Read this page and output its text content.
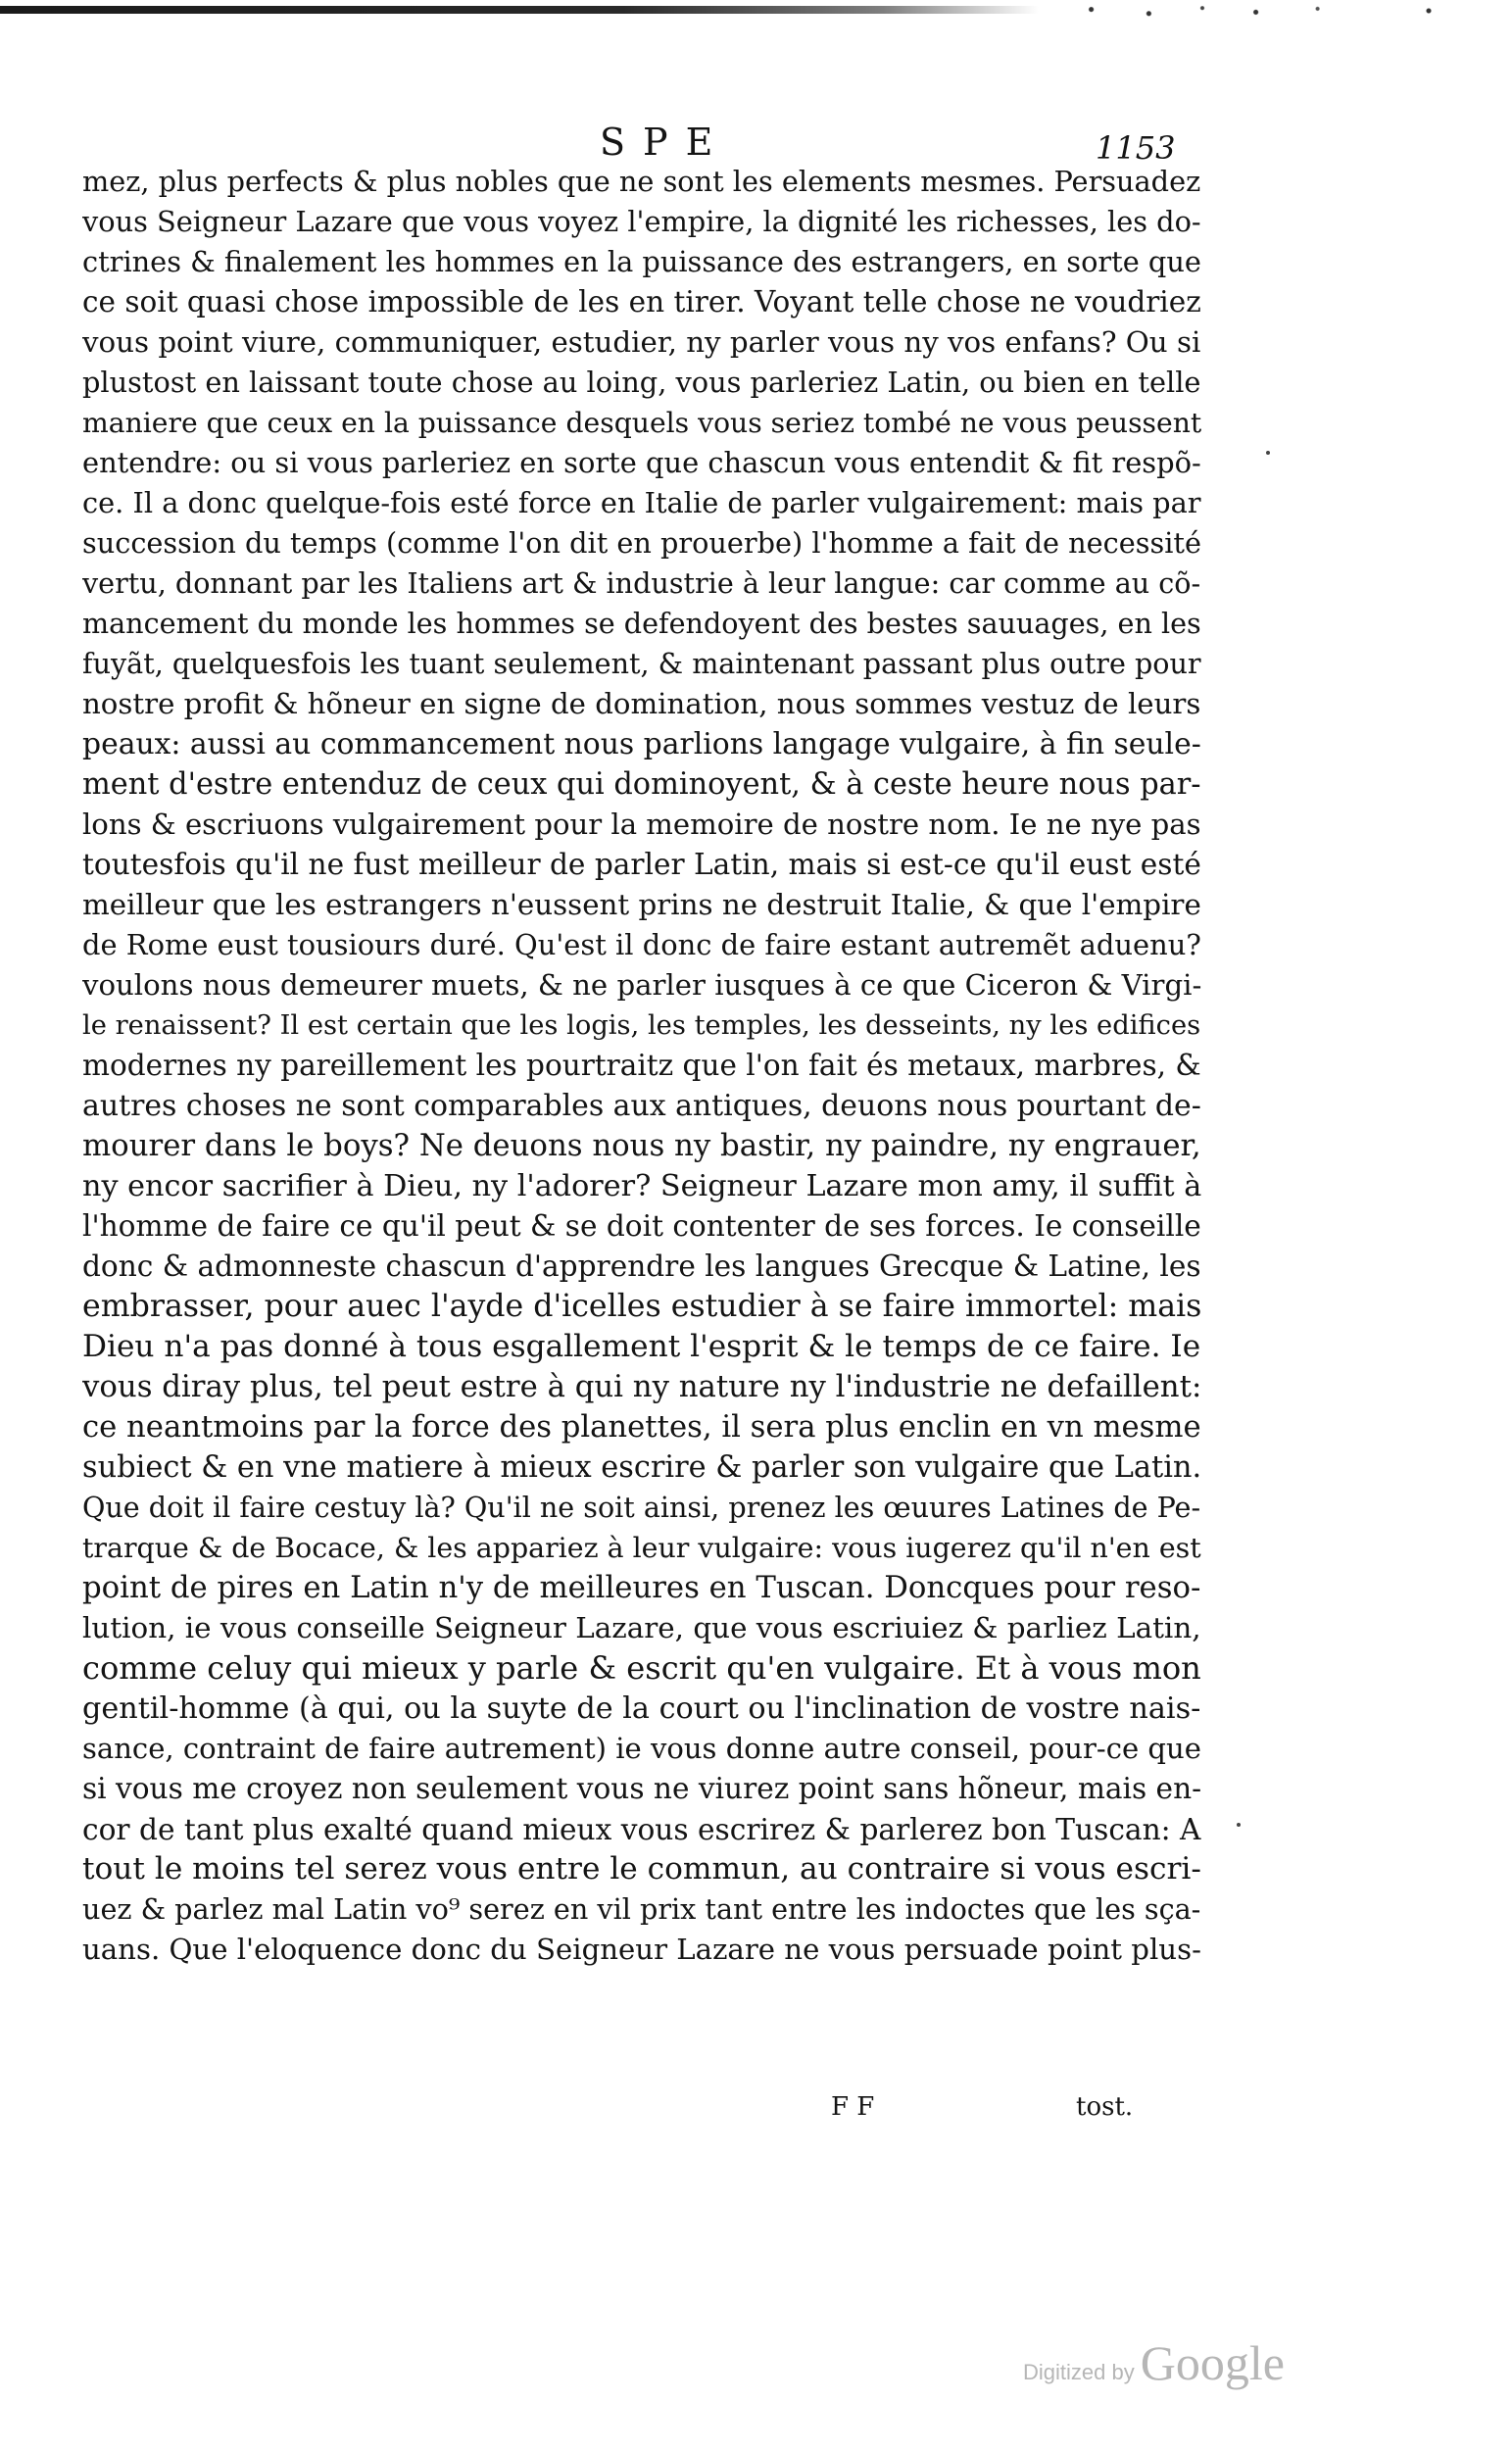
SPE	1153
mez, plus perfects & plus nobles que ne sont les elements mesmes. Persuadez
vous Seigneur Lazare que vous voyez l'empire, la dignité les richesses, les do-
ctrines & finalement les hommes en la puissance des estrangers, en sorte que
ce soit quasi chose impossible de les en tirer. Voyant telle chose ne voudriez
vous point viure, communiquer, estudier, ny parler vous ny vos enfans? Ou si
plustost en laissant toute chose au loing, vous parleriez Latin, ou bien en telle
maniere que ceux en la puissance desquels vous seriez tombé ne vous peussent
entendre: ou si vous parleriez en sorte que chascun vous entendit & fit respõ-
ce. Il a donc quelque-fois esté force en Italie de parler vulgairement: mais par
succession du temps (comme l'on dit en prouerbe) l'homme a fait de necessité
vertu, donnant par les Italiens art & industrie à leur langue: car comme au cõ-
mancement du monde les hommes se defendoyent des bestes sauuages, en les
fuyãt, quelquesfois les tuant seulement, & maintenant passant plus outre pour
nostre profit & hõneur en signe de domination, nous sommes vestuz de leurs
peaux: aussi au commancement nous parlions langage vulgaire, à fin seule-
ment d'estre entenduz de ceux qui dominoyent, & à ceste heure nous par-
lons & escriuons vulgairement pour la memoire de nostre nom. Ie ne nye pas
toutesfois qu'il ne fust meilleur de parler Latin, mais si est-ce qu'il eust esté
meilleur que les estrangers n'eussent prins ne destruit Italie, & que l'empire
de Rome eust tousiours duré. Qu'est il donc de faire estant autremẽt aduenu?
voulons nous demeurer muets, & ne parler iusques à ce que Ciceron & Virgi-
le renaissent? Il est certain que les logis, les temples, les desseints, ny les edifices
modernes ny pareillement les pourtraitz que l'on fait és metaux, marbres, &
autres choses ne sont comparables aux antiques, deuons nous pourtant de-
mourer dans le boys? Ne deuons nous ny bastir, ny paindre, ny engrauer,
ny encor sacrifier à Dieu, ny l'adorer? Seigneur Lazare mon amy, il suffit à
l'homme de faire ce qu'il peut & se doit contenter de ses forces. Ie conseille
donc & admonneste chascun d'apprendre les langues Grecque & Latine, les
embrasser, pour auec l'ayde d'icelles estudier à se faire immortel: mais
Dieu n'a pas donné à tous esgallement l'esprit & le temps de ce faire. Ie
vous diray plus, tel peut estre à qui ny nature ny l'industrie ne defaillent:
ce neantmoins par la force des planettes, il sera plus enclin en vn mesme
subiect & en vne matiere à mieux escrire & parler son vulgaire que Latin.
Que doit il faire cestuy là? Qu'il ne soit ainsi, prenez les œuures Latines de Pe-
trarque & de Bocace, & les appariez à leur vulgaire: vous iugerez qu'il n'en est
point de pires en Latin n'y de meilleures en Tuscan. Doncques pour reso-
lution, ie vous conseille Seigneur Lazare, que vous escriuiez & parliez Latin,
comme celuy qui mieux y parle & escrit qu'en vulgaire. Et à vous mon
gentil-homme (à qui, ou la suyte de la court ou l'inclination de vostre nais-
sance, contraint de faire autrement) ie vous donne autre conseil, pour-ce que
si vous me croyez non seulement vous ne viurez point sans hõneur, mais en-
cor de tant plus exalté quand mieux vous escrirez & parlerez bon Tuscan: A
tout le moins tel serez vous entre le commun, au contraire si vous escri-
uez & parlez mal Latin vo⁹ serez en vil prix tant entre les indoctes que les sça-
uans. Que l'eloquence donc du Seigneur Lazare ne vous persuade point plus-
F F	tost.
Digitized by Google
